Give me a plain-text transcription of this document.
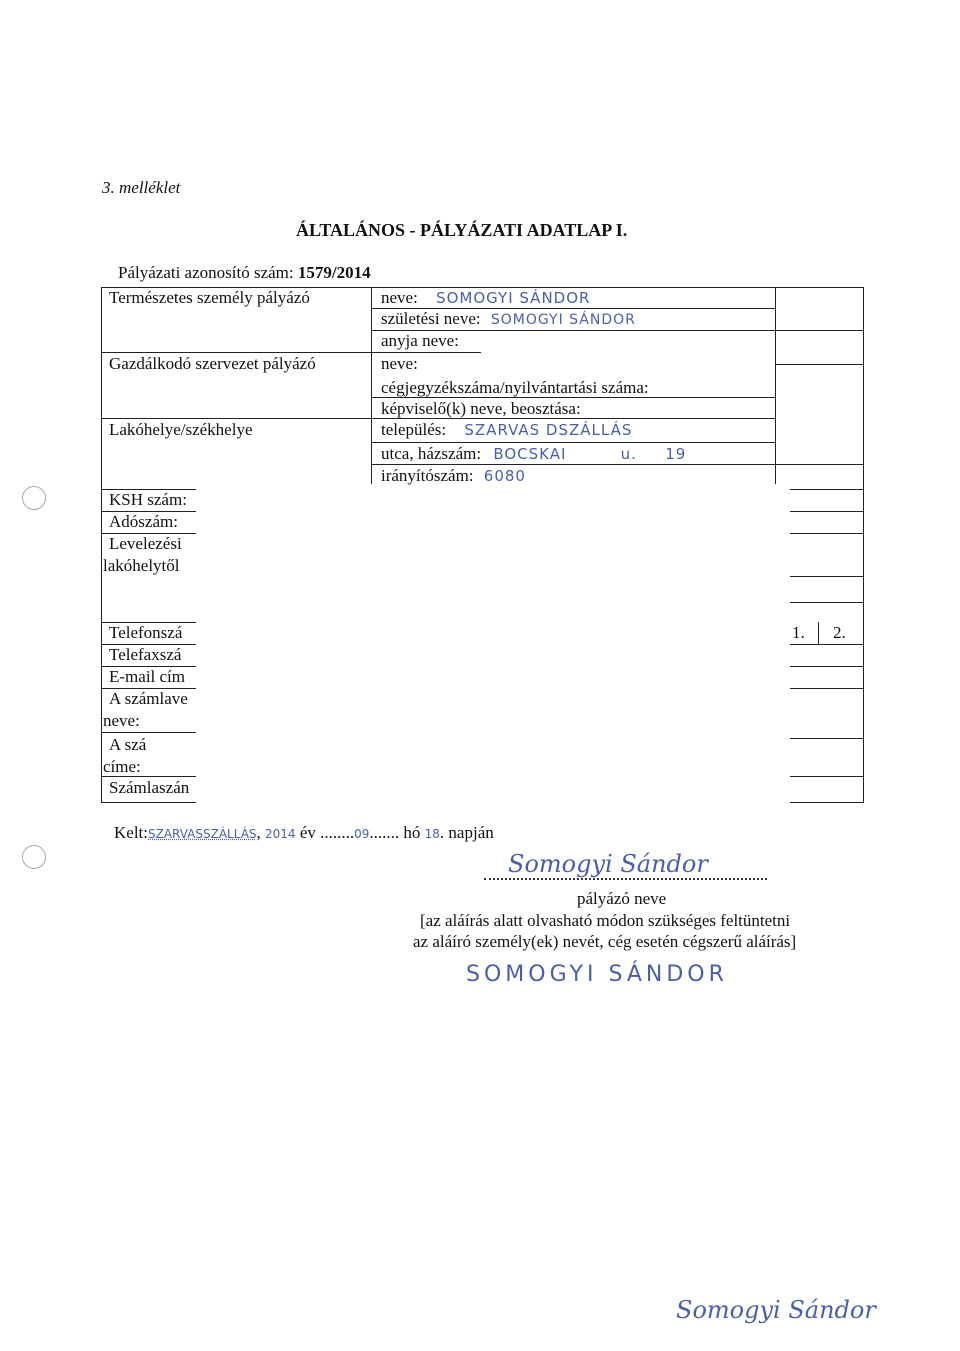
3. melléklet
ÁLTALÁNOS - PÁLYÁZATI ADATLAP I.
Pályázati azonosító szám: 1579/2014
Természetes személy pályázó
Gazdálkodó szervezet pályázó
Lakóhelye/székhelye
neve: SOMOGYI SÁNDOR
születési neve: SOMOGYI SÁNDOR
anyja neve:
neve:
cégjegyzékszáma/nyilvántartási száma:
képviselő(k) neve, beosztása:
település: SZARVAS DSZÁLLÁS
utca, házszám: BOCSKAI	u. 19
irányítószám: 6080
KSH szám:
Adószám:
Levelezési
lakóhelytől
Telefonszá
Telefaxszá
E-mail cím
A számlave
neve:
A szá
címe:
Számlaszán
1. 2.
Kelt:SZARVASSZÁLLÁS, 2014 év ........09....... hó 18. napján
Somogyi Sándor
pályázó neve
[az aláírás alatt olvasható módon szükséges feltüntetni
az aláíró személy(ek) nevét, cég esetén cégszerű aláírás]
SOMOGYI SÁNDOR
Somogyi Sándor
